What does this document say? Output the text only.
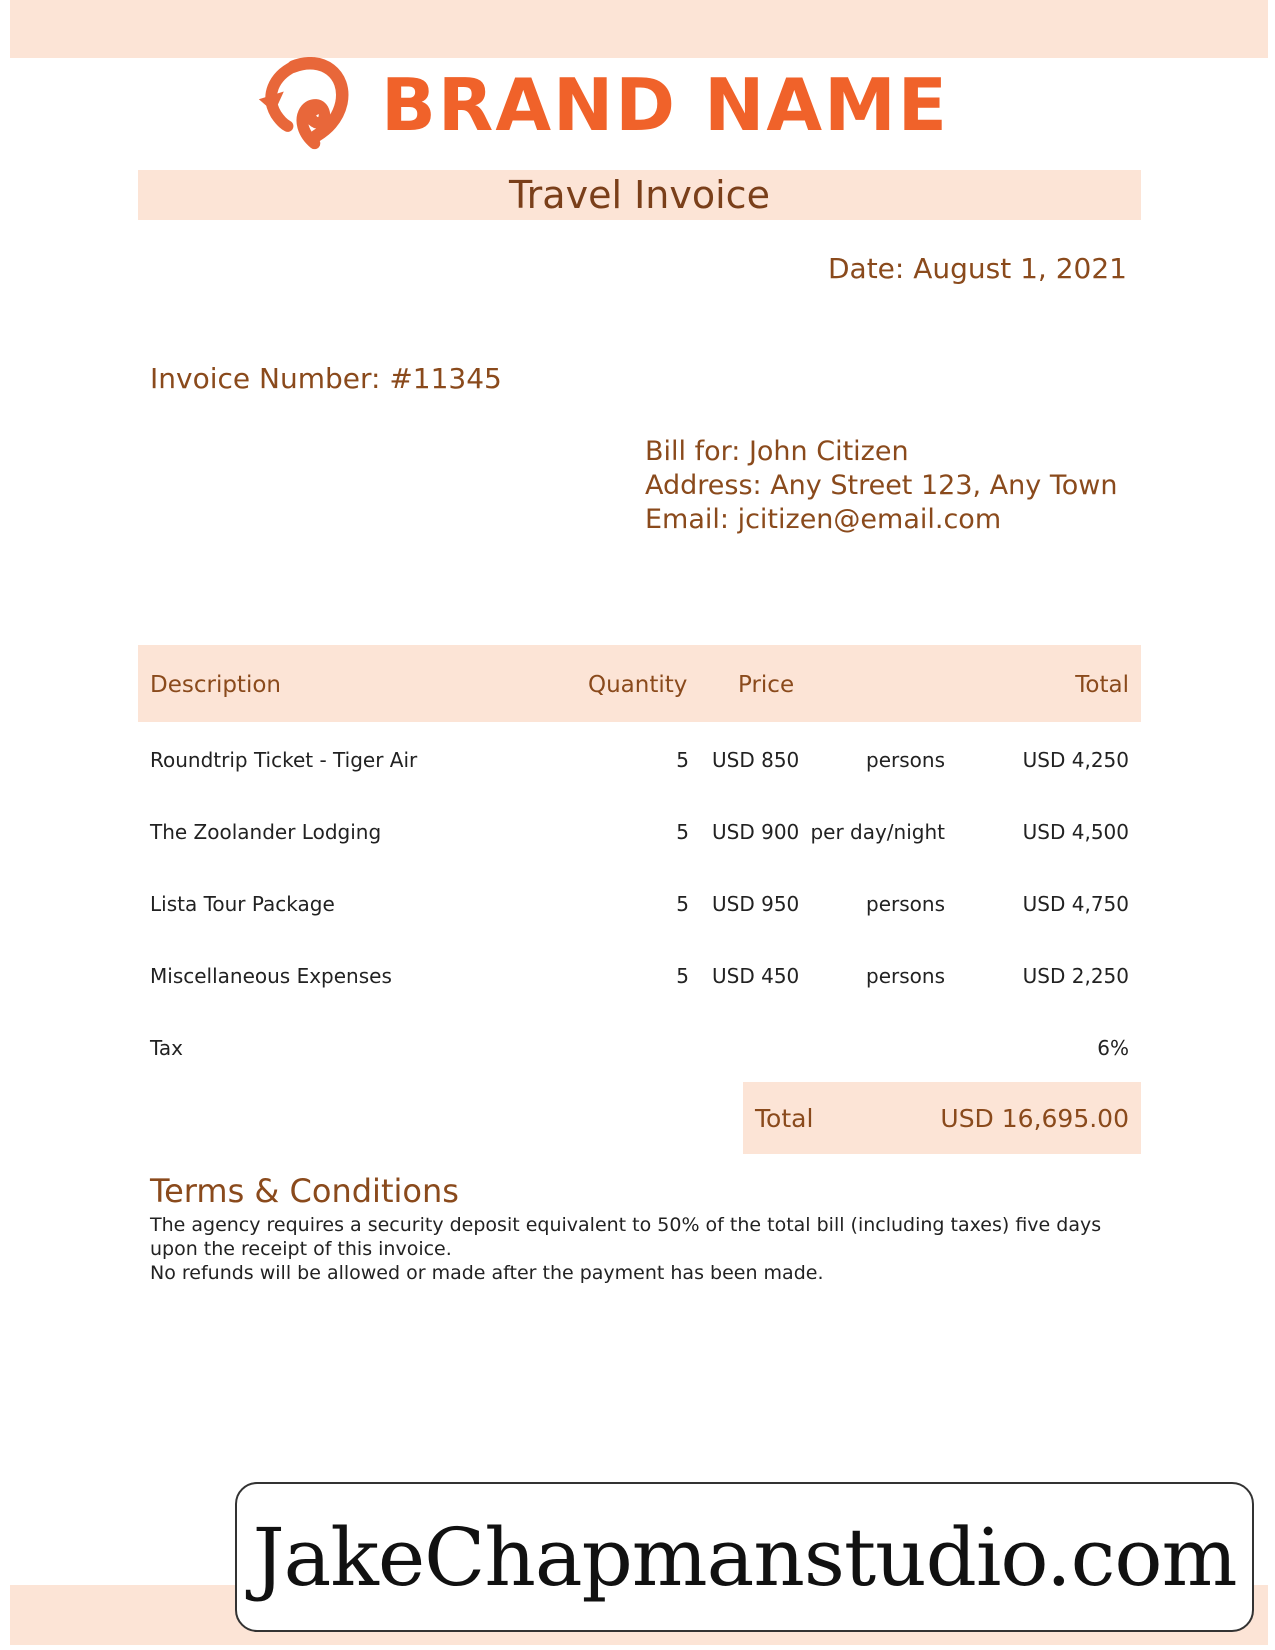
BRAND NAME
Travel Invoice
Date: August 1, 2021
Invoice Number: #11345
Bill for: John Citizen
Address: Any Street 123, Any Town
Email: jcitizen@email.com
Description	Quantity Price	Total
Roundtrip Ticket - Tiger Air	5 USD 850	persons	USD 4,250
The Zoolander Lodging	5 USD 900 per day/night	USD 4,500
Lista Tour Package	5 USD 950	persons	USD 4,750
Miscellaneous Expenses	5 USD 450	persons	USD 2,250
Tax	6%
Total	USD 16,695.00
Terms & Conditions

The agency requires a security deposit equivalent to 50% of the total bill (including taxes) five days upon the receipt of this invoice.

No refunds will be allowed or made after the payment has been made.

JakeChapmanstudio.com
